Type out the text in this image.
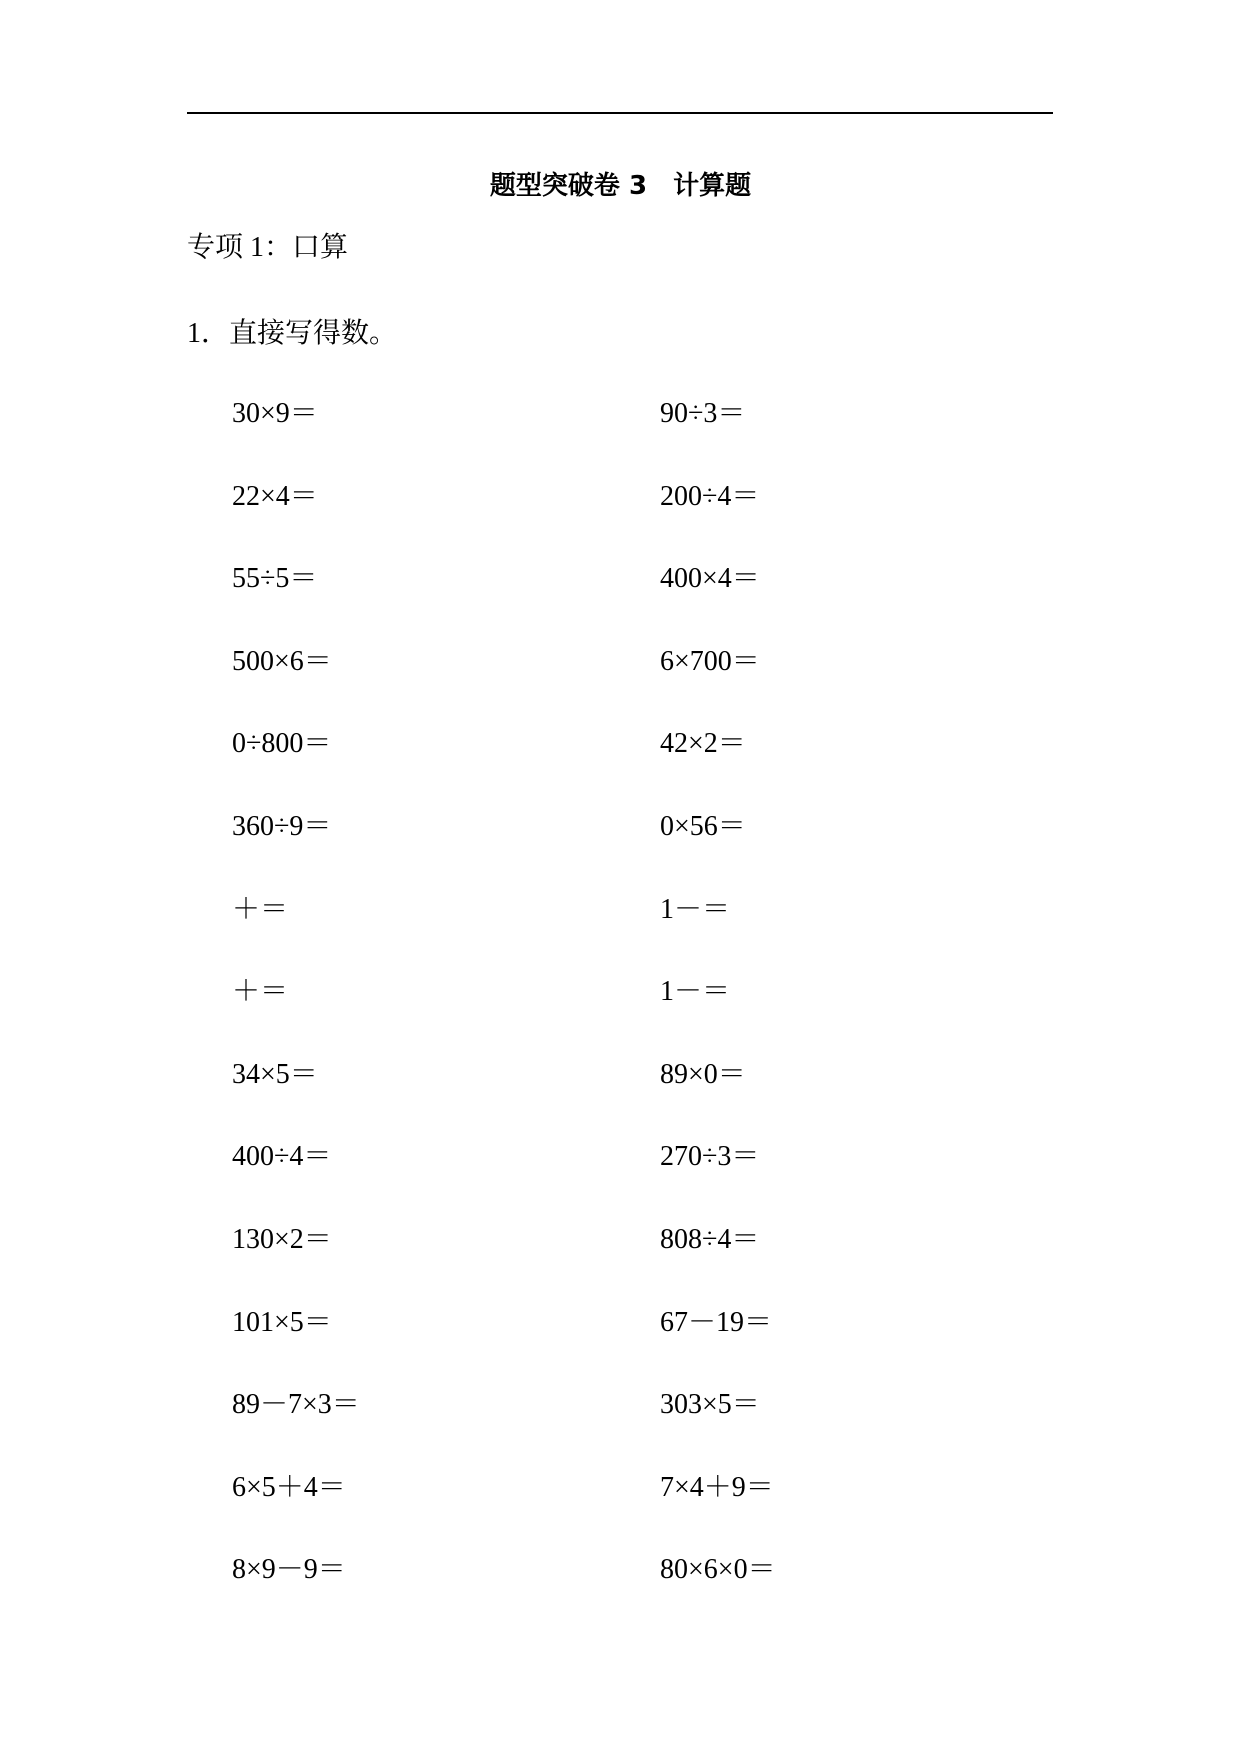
题型突破卷 3　计算题
专项 1：口算
1．直接写得数。
30×9＝	90÷3＝
22×4＝	200÷4＝
55÷5＝	400×4＝
500×6＝	6×700＝
0÷800＝	42×2＝
360÷9＝	0×56＝
＋＝	1－＝
＋＝	1－＝
34×5＝	89×0＝
400÷4＝	270÷3＝
130×2＝	808÷4＝
101×5＝	67－19＝
89－7×3＝	303×5＝
6×5＋4＝	7×4＋9＝
8×9－9＝	80×6×0＝
